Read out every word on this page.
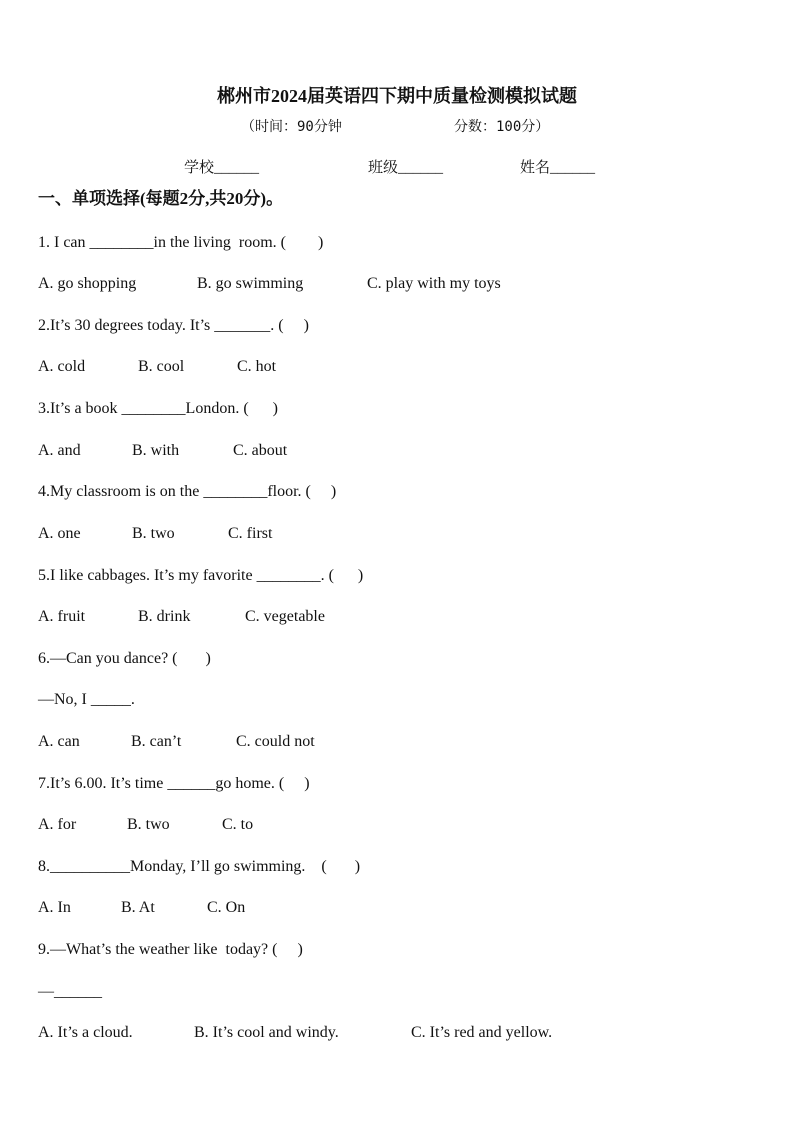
郴州市2024届英语四下期中质量检测模拟试题
（时间：90分钟	分数：100分）
学校______	班级______	姓名______
一、单项选择(每题2分,共20分)。
1. I can ________in the living  room. (        )
A. go shopping	B. go swimming	C. play with my toys
2.It’s 30 degrees today. It’s _______. (     )
A. cold	B. cool	C. hot
3.It’s a book ________London. (      )
A. and	B. with	C. about
4.My classroom is on the ________floor. (     )
A. one	B. two	C. first
5.I like cabbages. It’s my favorite ________. (      )
A. fruit	B. drink	C. vegetable
6.—Can you dance? (       )
—No, I _____.
A. can	B. can’t	C. could not
7.It’s 6.00. It’s time ______go home. (     )
A. for	B. two	C. to
8.__________Monday, I’ll go swimming.    (       )
A. In	B. At	C. On
9.—What’s the weather like  today? (     )
—______
A. It’s a cloud.	B. It’s cool and windy.	C. It’s red and yellow.
